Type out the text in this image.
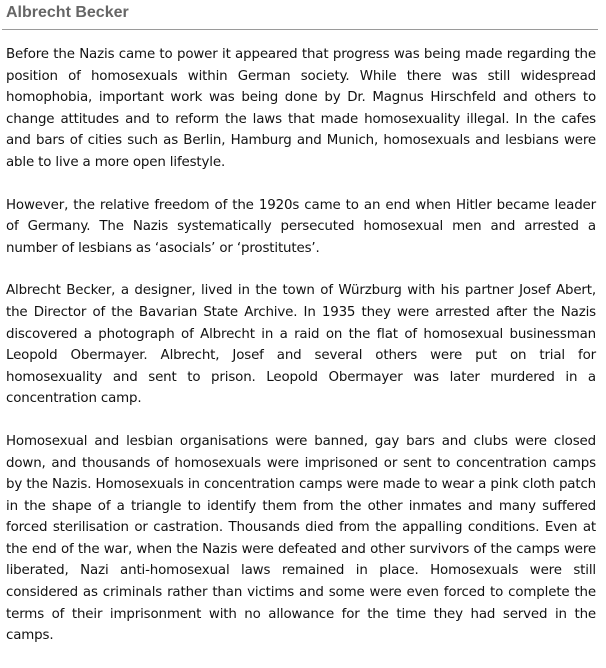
Albrecht Becker

Before the Nazis came to power it appeared that progress was being made regarding the position of homosexuals within German society. While there was still widespread homophobia, important work was being done by Dr. Magnus Hirschfeld and others to change attitudes and to reform the laws that made homosexuality illegal. In the cafes and bars of cities such as Berlin, Hamburg and Munich, homosexuals and lesbians were able to live a more open lifestyle.

However, the relative freedom of the 1920s came to an end when Hitler became leader of Germany. The Nazis systematically persecuted homosexual men and arrested a number of lesbians as ‘asocials’ or ‘prostitutes’.

Albrecht Becker, a designer, lived in the town of Würzburg with his partner Josef Abert, the Director of the Bavarian State Archive. In 1935 they were arrested after the Nazis discovered a photograph of Albrecht in a raid on the flat of homosexual businessman Leopold Obermayer. Albrecht, Josef and several others were put on trial for homosexuality and sent to prison. Leopold Obermayer was later murdered in a concentration camp.

Homosexual and lesbian organisations were banned, gay bars and clubs were closed down, and thousands of homosexuals were imprisoned or sent to concentration camps by the Nazis. Homosexuals in concentration camps were made to wear a pink cloth patch in the shape of a triangle to identify them from the other inmates and many suffered forced sterilisation or castration. Thousands died from the appalling conditions. Even at the end of the war, when the Nazis were defeated and other survivors of the camps were liberated, Nazi anti-homosexual laws remained in place. Homosexuals were still considered as criminals rather than victims and some were even forced to complete the terms of their imprisonment with no allowance for the time they had served in the camps.
